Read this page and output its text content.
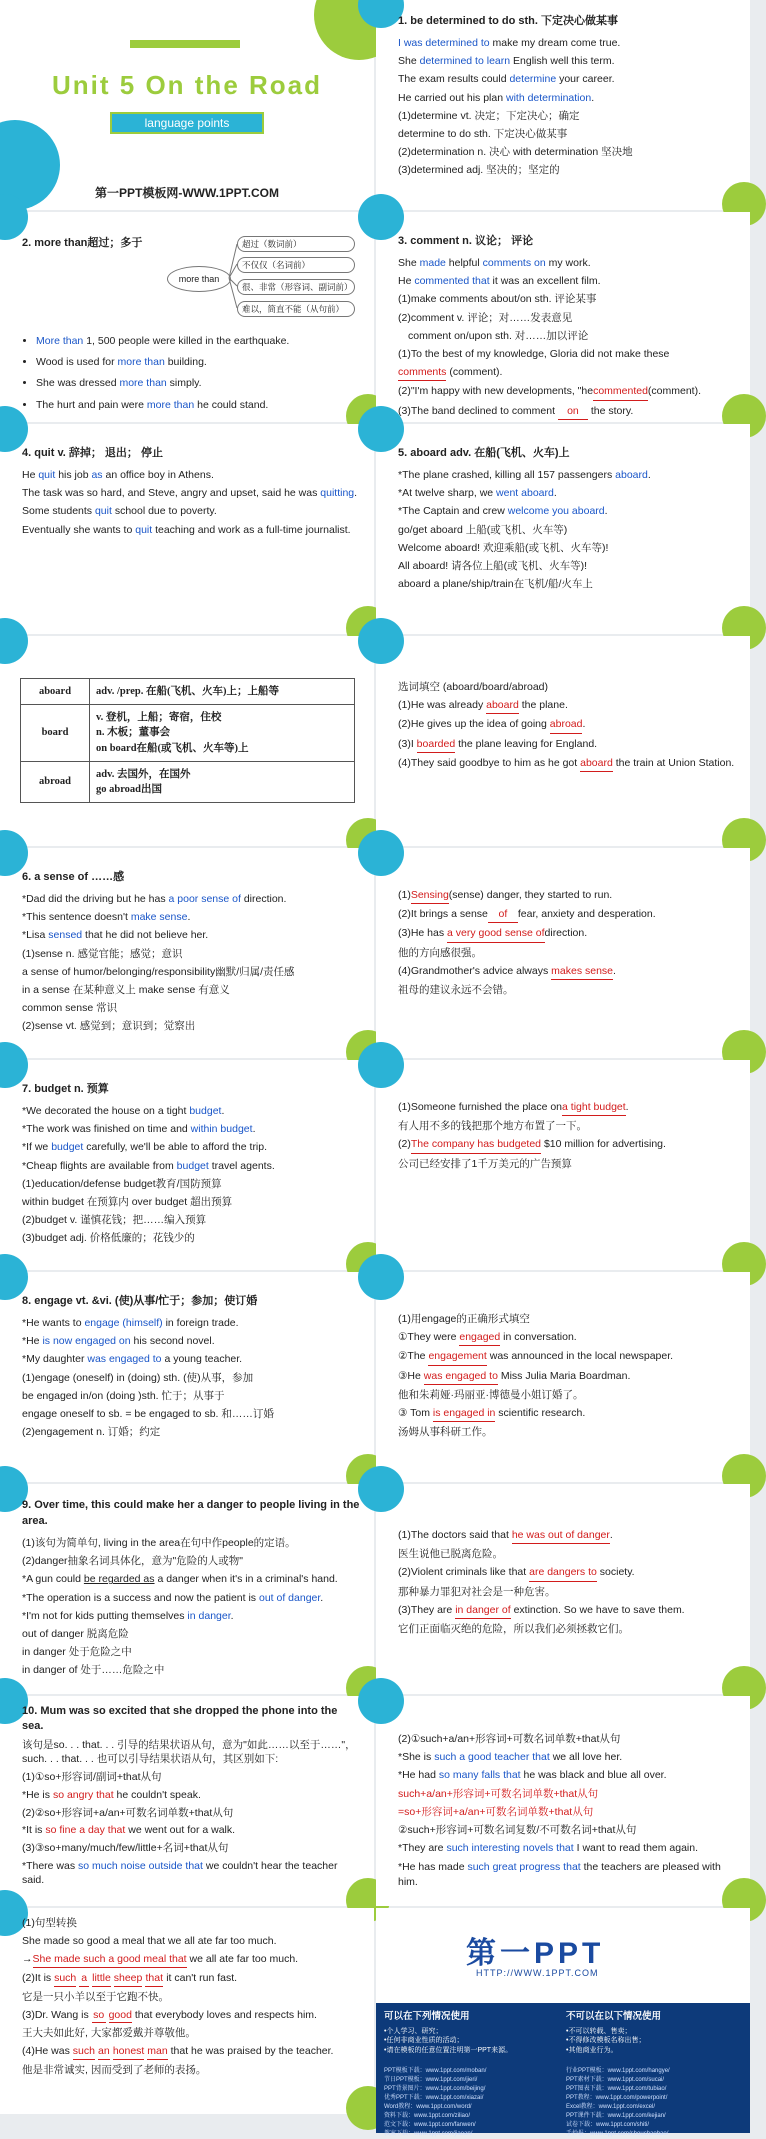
Unit 5 On the Road
language points
第一PPT模板网-WWW.1PPT.COM

1. be determined to do sth. 下定决心做某事

I was determined to make my dream come true.

She determined to learn English well this term.

The exam results could determine your career.

He carried out his plan with determination.

(1)determine vt. 决定；下定决心；确定

determine to do sth. 下定决心做某事

(2)determination n. 决心 with determination 坚决地

(3)determined adj. 坚决的；坚定的

2. more than超过；多于

more than
超过（数词前）
不仅仅（名词前）
很、非常（形容词、副词前）
难以，简直不能（从句前）
• More than 1, 500 people were killed in the earthquake.
• Wood is used for more than building.
• She was dressed more than simply.
• The hurt and pain were more than he could stand.

3. comment n. 议论； 评论

She made helpful comments on my work.

He commented that it was an excellent film.

(1)make comments about/on sth. 评论某事

(2)comment v. 评论；对……发表意见

comment on/upon sth. 对……加以评论

(1)To the best of my knowledge, Gloria did not make these

comments (comment).

(2)"I'm happy with new developments, "hecommented(comment).

(3)The band declined to comment on the story.

4. quit v. 辞掉； 退出； 停止

He quit his job as an office boy in Athens.

The task was so hard, and Steve, angry and upset, said he was quitting.

Some students quit school due to poverty.

Eventually she wants to quit teaching and work as a full-time journalist.

5. aboard adv. 在船(飞机、火车)上

*The plane crashed, killing all 157 passengers aboard.

*At twelve sharp, we went aboard.

*The Captain and crew welcome you aboard.

go/get aboard 上船(或飞机、火车等)

Welcome aboard! 欢迎乘船(或飞机、火车等)!

All aboard! 请各位上船(或飞机、火车等)!

aboard a plane/ship/train在飞机/船/火车上

aboard	adv. /prep. 在船(飞机、火车)上；上船等
board	v. 登机，上船；寄宿，住校
n. 木板；董事会
on board在船(或飞机、火车等)上

abroad	adv. 去国外，在国外
go abroad出国

选词填空 (aboard/board/abroad)

(1)He was already aboard the plane.

(2)He gives up the idea of going abroad.

(3)I boarded the plane leaving for England.

(4)They said goodbye to him as he got aboard the train at Union Station.

6. a sense of ……感

*Dad did the driving but he has a poor sense of direction.

*This sentence doesn't make sense.

*Lisa sensed that he did not believe her.

(1)sense n. 感觉官能；感觉；意识

a sense of humor/belonging/responsibility幽默/归属/责任感

in a sense 在某种意义上 make sense 有意义

common sense 常识

(2)sense vt. 感觉到；意识到；觉察出

(1)Sensing(sense) danger, they started to run.

(2)It brings a sense of fear, anxiety and desperation.

(3)He has a very good sense ofdirection.

他的方向感很强。

(4)Grandmother's advice always makes sense.

祖母的建议永远不会错。

7. budget n. 预算

*We decorated the house on a tight budget.

*The work was finished on time and within budget.

*If we budget carefully, we'll be able to afford the trip.

*Cheap flights are available from budget travel agents.

(1)education/defense budget教育/国防预算

within budget 在预算内 over budget 超出预算

(2)budget v. 谨慎花钱；把……编入预算

(3)budget adj. 价格低廉的；花钱少的

(1)Someone furnished the place ona tight budget.

有人用不多的钱把那个地方布置了一下。

(2)The company has budgeted $10 million for advertising.

公司已经安排了1千万美元的广告预算

8. engage vt. &vi. (使)从事/忙于；参加；使订婚

*He wants to engage (himself) in foreign trade.

*He is now engaged on his second novel.

*My daughter was engaged to a young teacher.

(1)engage (oneself) in (doing) sth. (使)从事，参加

be engaged in/on (doing )sth. 忙于；从事于

engage oneself to sb. = be engaged to sb. 和……订婚

(2)engagement n. 订婚；约定

(1)用engage的正确形式填空

①They were engaged in conversation.

②The engagement was announced in the local newspaper.

③He was engaged to Miss Julia Maria Boardman.

他和朱莉娅·玛丽亚·博德曼小姐订婚了。

③ Tom is engaged in scientific research.

汤姆从事科研工作。

9. Over time, this could make her a danger to people living in the area.

(1)该句为简单句, living in the area在句中作people的定语。

(2)danger抽象名词具体化，意为"危险的人或物"

*A gun could be regarded as a danger when it's in a criminal's hand.

*The operation is a success and now the patient is out of danger.

*I'm not for kids putting themselves in danger.

out of danger 脱离危险

in danger 处于危险之中

in danger of 处于……危险之中

(1)The doctors said that he was out of danger.

医生说他已脱离危险。

(2)Violent criminals like that are dangers to society.

那种暴力罪犯对社会是一种危害。

(3)They are in danger of extinction. So we have to save them.

它们正面临灭绝的危险，所以我们必须拯救它们。

10. Mum was so excited that she dropped the phone into the sea.

该句是so. . . that. . . 引导的结果状语从句，意为"如此……以至于……"，such. . . that. . . 也可以引导结果状语从句，其区别如下:

(1)①so+形容词/副词+that从句

*He is so angry that he couldn't speak.

(2)②so+形容词+a/an+可数名词单数+that从句

*It is so fine a day that we went out for a walk.

(3)③so+many/much/few/little+名词+that从句

*There was so much noise outside that we couldn't hear the teacher said.

(2)①such+a/an+形容词+可数名词单数+that从句

*She is such a good teacher that we all love her.

*He had so many falls that he was black and blue all over.

such+a/an+形容词+可数名词单数+that从句

=so+形容词+a/an+可数名词单数+that从句

②such+形容词+可数名词复数/不可数名词+that从句

*They are such interesting novels that I want to read them again.

*He has made such great progress that the teachers are pleased with him.

(1)句型转换

She made so good a meal that we all ate far too much.

→She made such a good meal that we all ate far too much.

(2)It is such a little sheep that it can't run fast.

它是一只小羊以至于它跑不快。

(3)Dr. Wang is so good that everybody loves and respects him.

王大夫如此好, 大家都爱戴并尊敬他。

(4)He was such an honest man that he was praised by the teacher.

他是非常诚实, 因而受到了老师的表扬。

第一PPT
HTTP://WWW.1PPT.COM
可以在下列情况使用
•个人学习、研究；
•任何非商业性质的活动；
•请在模板的任意位置注明第一PPT来源。
不可以在以下情况使用
•不可以转载、售卖；
•不得修改模板名称出售；
•其他商业行为。
PPT模板下载：www.1ppt.com/moban/
节日PPT模板：www.1ppt.com/jieri/
PPT背景图片：www.1ppt.com/beijing/
优秀PPT下载：www.1ppt.com/xiazai/
Word教程：www.1ppt.com/word/
资料下载：www.1ppt.com/ziliao/
范文下载：www.1ppt.com/fanwen/
教案下载：www.1ppt.com/jiaoan/
行业PPT模板：www.1ppt.com/hangye/
PPT素材下载：www.1ppt.com/sucai/
PPT图表下载：www.1ppt.com/tubiao/
PPT教程：www.1ppt.com/powerpoint/
Excel教程：www.1ppt.com/excel/
PPT课件下载：www.1ppt.com/kejian/
试卷下载：www.1ppt.com/shiti/
手抄报：www.1ppt.com/shouchaobao/
